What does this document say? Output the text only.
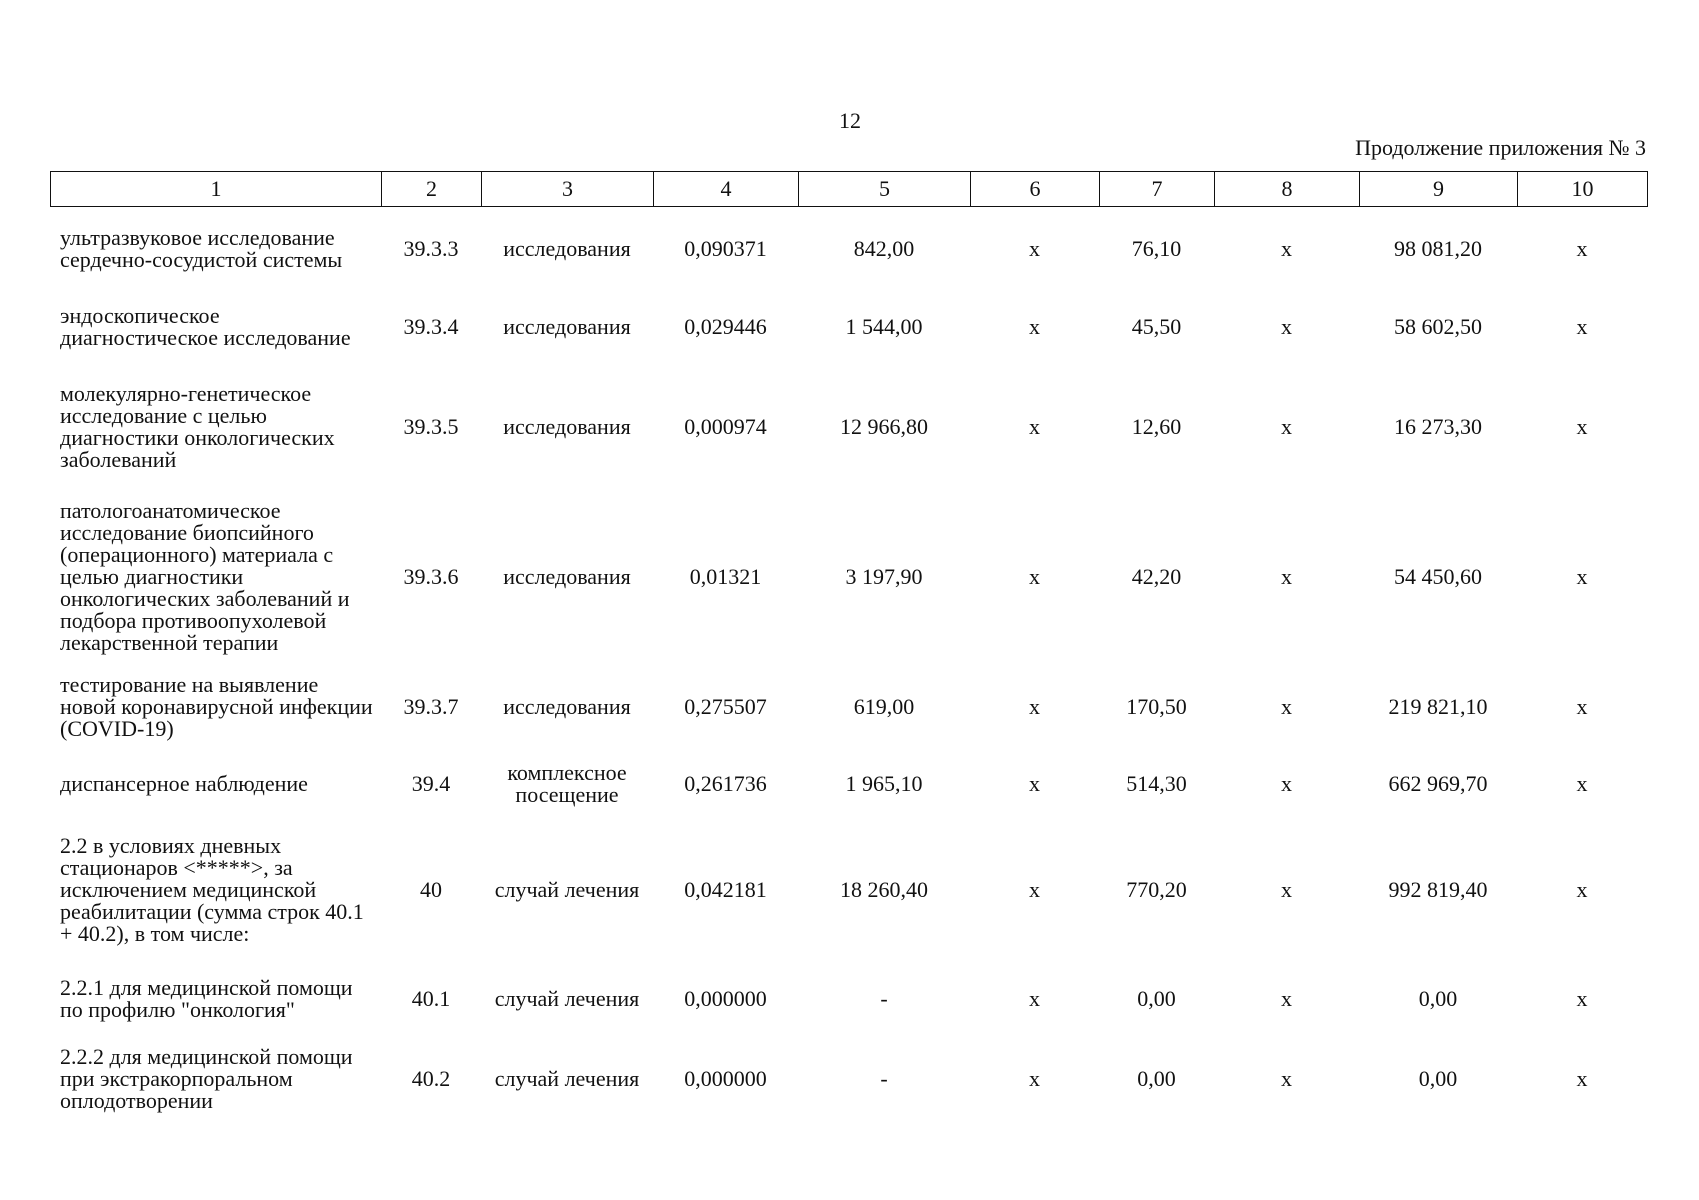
12
Продолжение приложения № 3
1	2	3	4	5	6	7	8	9	10
ультразвуковое исследование сердечно-сосудистой системы	39.3.3	исследования	0,090371	842,00	х	76,10	х	98 081,20	х
эндоскопическое диагностическое исследование	39.3.4	исследования	0,029446	1 544,00	х	45,50	х	58 602,50	х
молекулярно-генетическое исследование с целью диагностики онкологических заболеваний	39.3.5	исследования	0,000974	12 966,80	х	12,60	х	16 273,30	х
патологоанатомическое исследование биопсийного (операционного) материала с целью диагностики онкологических заболеваний и подбора противоопухолевой лекарственной терапии	39.3.6	исследования	0,01321	3 197,90	х	42,20	х	54 450,60	х
тестирование на выявление новой коронавирусной инфекции (COVID-19)	39.3.7	исследования	0,275507	619,00	х	170,50	х	219 821,10	х
диспансерное наблюдение	39.4	комплексное посещение	0,261736	1 965,10	х	514,30	х	662 969,70	х
2.2 в условиях дневных стационаров <*****>, за исключением медицинской реабилитации (сумма строк 40.1 + 40.2), в том числе:	40	случай лечения	0,042181	18 260,40	х	770,20	х	992 819,40	х
2.2.1 для медицинской помощи по профилю "онкология"	40.1	случай лечения	0,000000	-	х	0,00	х	0,00	х
2.2.2 для медицинской помощи при экстракорпоральном оплодотворении	40.2	случай лечения	0,000000	-	х	0,00	х	0,00	х
